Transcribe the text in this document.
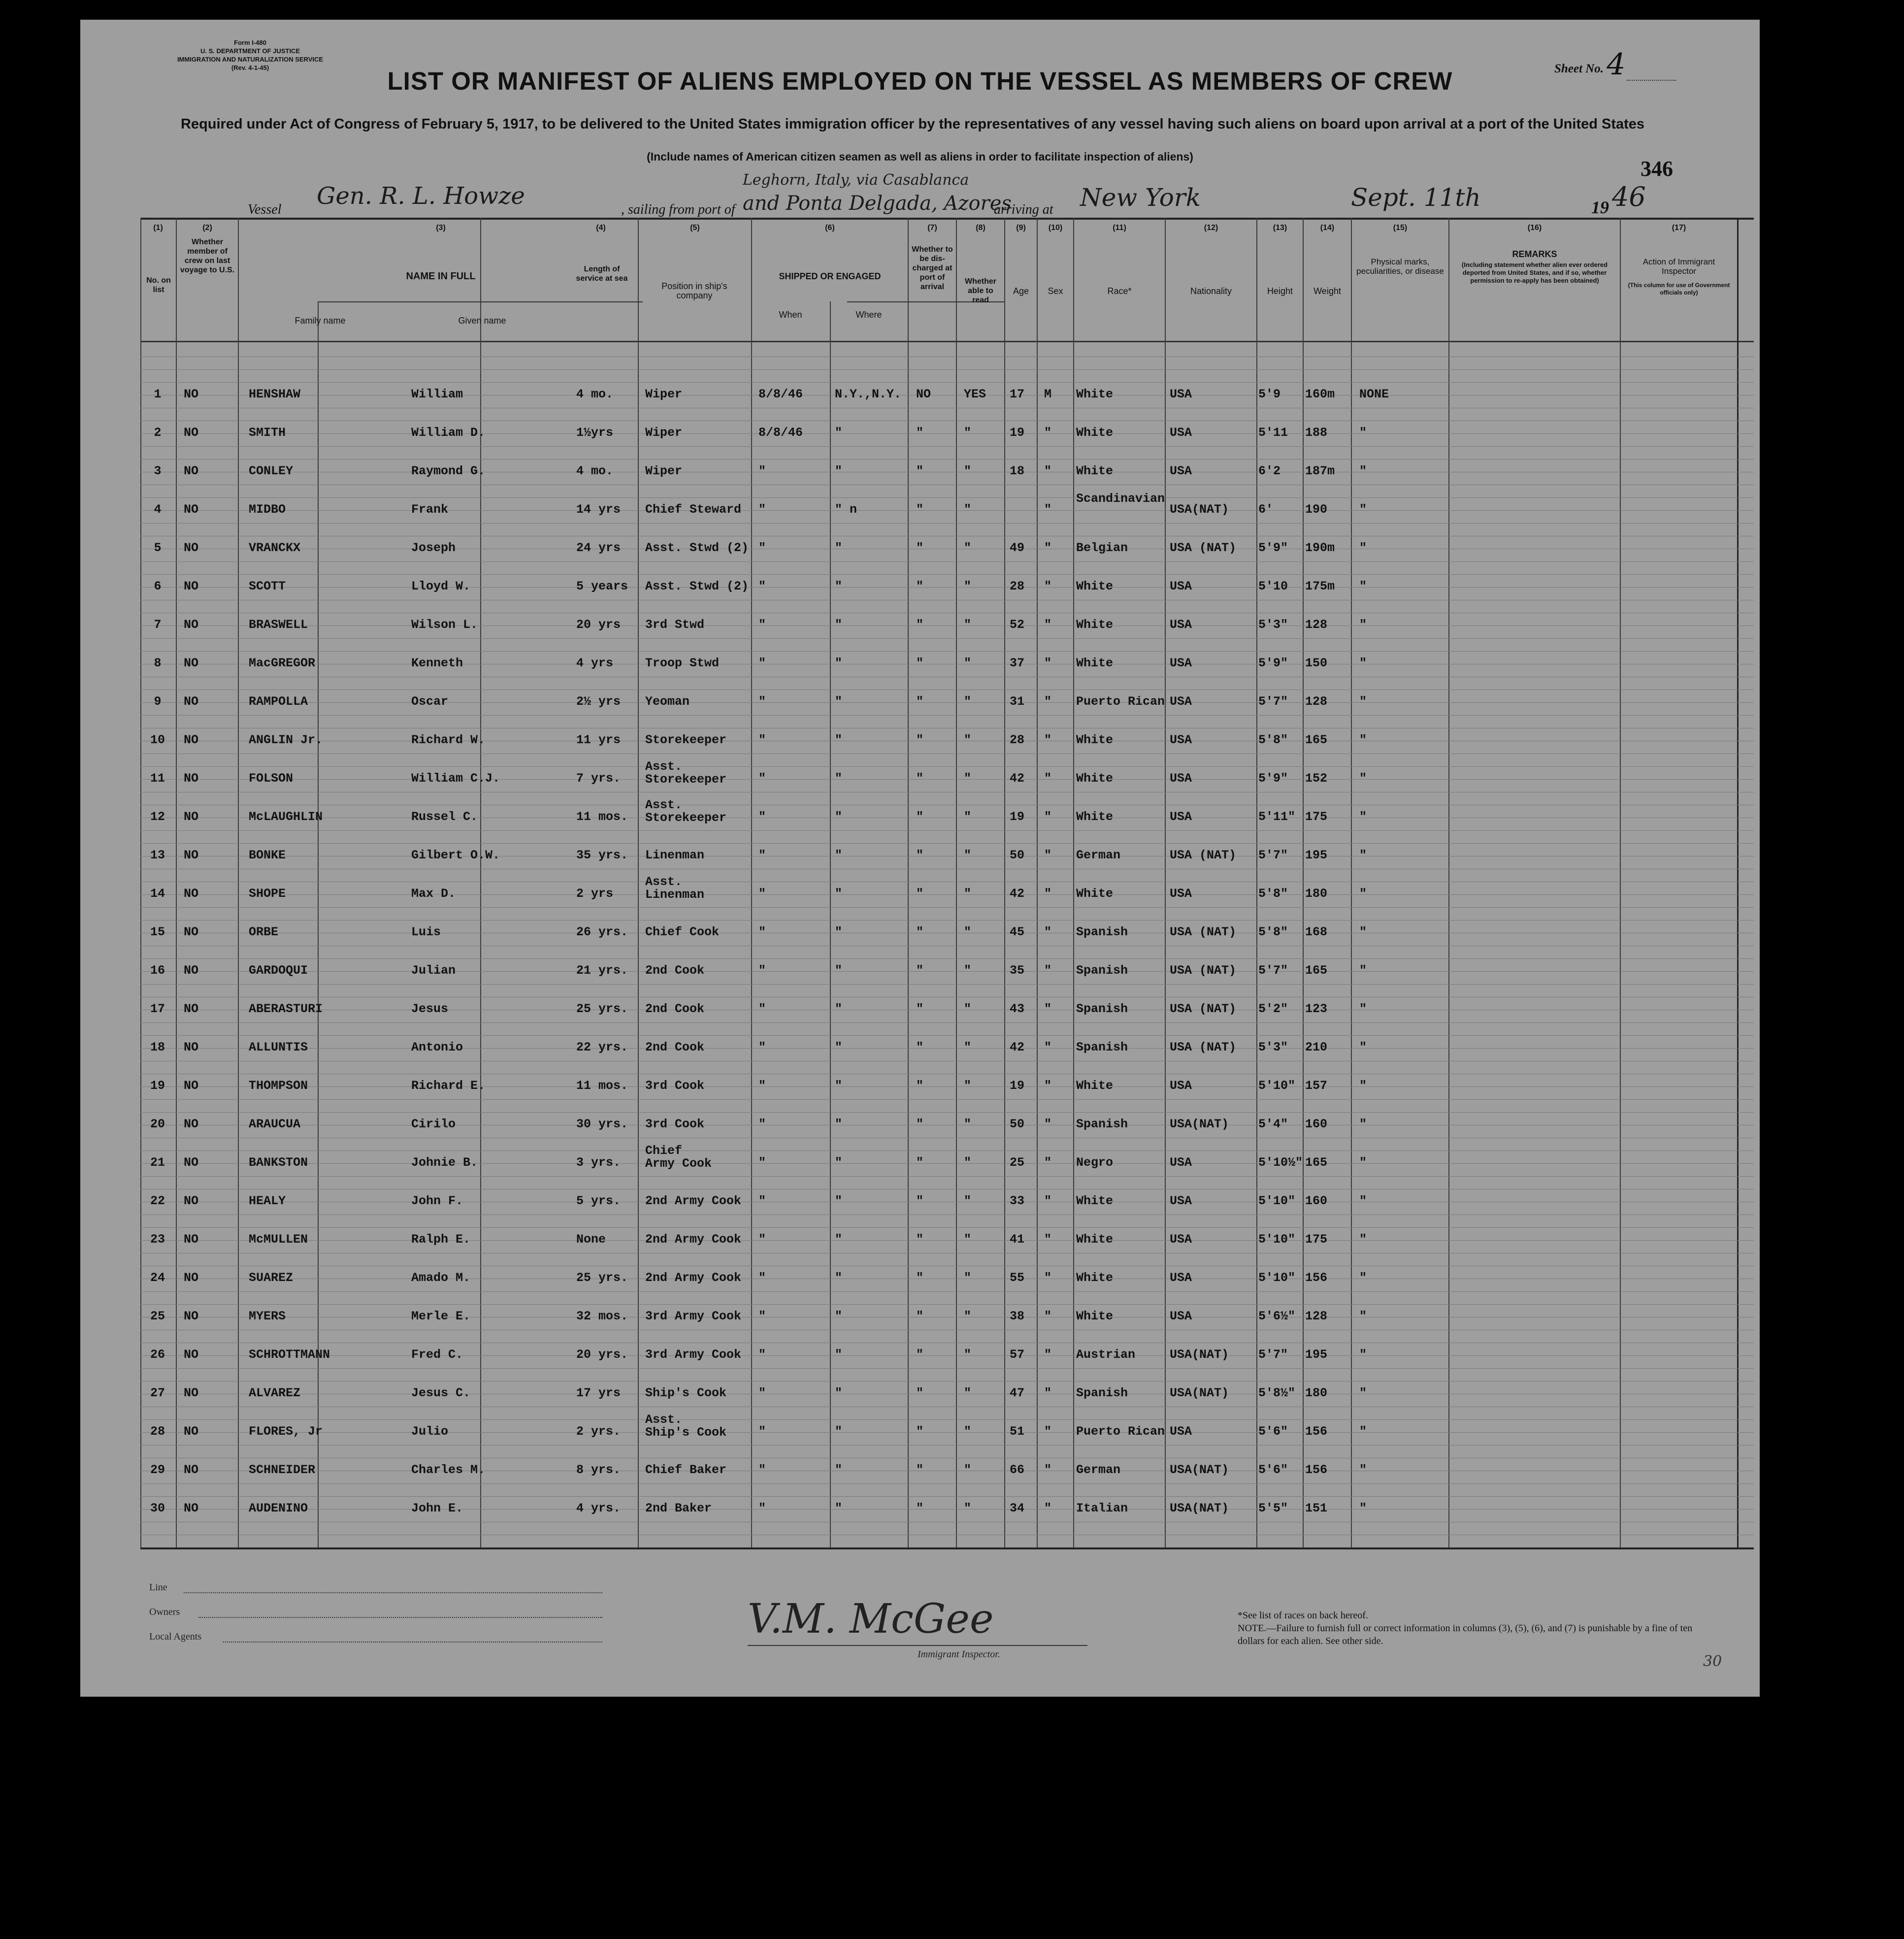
Form I-480
U. S. DEPARTMENT OF JUSTICE
IMMIGRATION AND NATURALIZATION SERVICE
(Rev. 4-1-45)	Sheet No. 4
LIST OR MANIFEST OF ALIENS EMPLOYED ON THE VESSEL AS MEMBERS OF CREW
Required under Act of Congress of February 5, 1917, to be delivered to the United States immigration officer by the representatives of any vessel having such aliens on board upon arrival at a port of the United States
(Include names of American citizen seamen as well as aliens in order to facilitate inspection of aliens)	346
Vessel Gen. R. L. Howze	, sailing from port of
Leghorn, Italy, via Casablanca
and Ponta Delgada, Azores
arriving at New York	Sept. 11th	19 46
(1)
No. on list
(2)
Whether member of crew on last voyage to U.S.
(3)
NAME IN FULL
Family name	Given name
(4)
Length of service at sea
(5)
Position in ship's company
(6)
SHIPPED OR ENGAGED
When	Where
(7)
Whether to be dis-charged at port of arrival
(8)
Whether able to read
(9)
Age
(10)
Sex
(11)
Race*
(12)
Nationality
(13)
Height
(14)
Weight
(15)
Physical marks, peculiarities, or disease
(16)
REMARKS
(Including statement whether alien ever ordered deported from United States, and if so, whether permission to re-apply has been obtained)
(17)
Action of Immigrant Inspector
(This column for use of Government officials only)
1	NO	HENSHAW	William	4 mo.	Wiper	8/8/46	N.Y.,N.Y. NO	YES 17 M White	USA	5'9 160m NONE
2	NO	SMITH	William D.	1½yrs	Wiper	8/8/46	"	"	"	19 " White	USA	5'11 188	"
3	NO	CONLEY	Raymond G.	4 mo.	Wiper	"	"	"	"	18 " White	USA	6'2 187m "
4	NO	MIDBO	Frank	14 yrs Chief Steward "	" n	"	"	"
Scandinavian
USA(NAT) 6'	190	"
5	NO	VRANCKX	Joseph	24 yrs Asst. Stwd (2) "	"	"	"	49 " Belgian	USA (NAT) 5'9" 190m "
6	NO	SCOTT	Lloyd W.	5 years Asst. Stwd (2) "	"	"	"	28 " White	USA	5'10 175m "
7	NO	BRASWELL	Wilson L.	20 yrs 3rd Stwd	"	"	"	"	52 " White	USA	5'3" 128	"
8	NO	MacGREGOR	Kenneth	4 yrs	Troop Stwd	"	"	"	"	37 " White	USA	5'9" 150	"
9	NO	RAMPOLLA	Oscar	2½ yrs Yeoman	"	"	"	"	31 " Puerto Rican USA	5'7" 128	"
10	NO	ANGLIN Jr.	Richard W.	11 yrs Storekeeper	"	"	"	"	28 " White	USA	5'8" 165	"
11	NO	FOLSON	William C.J.	7 yrs.
Asst.
Storekeeper	"	"	"	"	42 " White	USA	5'9" 152	"
12	NO	McLAUGHLIN	Russel C.	11 mos.
Asst.
Storekeeper	"	"	"	"	19 " White	USA	5'11" 175	"
13	NO	BONKE	Gilbert O.W.	35 yrs. Linenman	"	"	"	"	50 " German	USA (NAT) 5'7" 195	"
14	NO	SHOPE	Max D.	2 yrs
Asst.
Linenman	"	"	"	"	42 " White	USA	5'8" 180	"
15	NO	ORBE	Luis	26 yrs. Chief Cook	"	"	"	"	45 " Spanish	USA (NAT) 5'8" 168	"
16	NO	GARDOQUI	Julian	21 yrs. 2nd Cook	"	"	"	"	35 " Spanish	USA (NAT) 5'7" 165	"
17	NO	ABERASTURI	Jesus	25 yrs. 2nd Cook	"	"	"	"	43 " Spanish	USA (NAT) 5'2" 123	"
18	NO	ALLUNTIS	Antonio	22 yrs. 2nd Cook	"	"	"	"	42 " Spanish	USA (NAT) 5'3" 210	"
19	NO	THOMPSON	Richard E.	11 mos. 3rd Cook	"	"	"	"	19 " White	USA	5'10" 157	"
20	NO	ARAUCUA	Cirilo	30 yrs. 3rd Cook	"	"	"	"	50 " Spanish	USA(NAT) 5'4" 160	"
21	NO	BANKSTON	Johnie B.	3 yrs.
Chief
Army Cook	"	"	"	"	25 " Negro	USA	5'10½" 165	"
22	NO	HEALY	John F.	5 yrs. 2nd Army Cook "	"	"	"	33 " White	USA	5'10" 160	"
23	NO	McMULLEN	Ralph E.	None	2nd Army Cook "	"	"	"	41 " White	USA	5'10" 175	"
24	NO	SUAREZ	Amado M.	25 yrs. 2nd Army Cook "	"	"	"	55 " White	USA	5'10" 156	"
25	NO	MYERS	Merle E.	32 mos. 3rd Army Cook "	"	"	"	38 " White	USA	5'6½" 128	"
26	NO	SCHROTTMANN	Fred C.	20 yrs. 3rd Army Cook "	"	"	"	57 " Austrian	USA(NAT) 5'7" 195	"
27	NO	ALVAREZ	Jesus C.	17 yrs Ship's Cook	"	"	"	"	47 " Spanish	USA(NAT) 5'8½" 180	"
28	NO	FLORES, Jr	Julio	2 yrs.
Asst.
Ship's Cook	"	"	"	"	51 " Puerto Rican USA	5'6" 156	"
29	NO	SCHNEIDER	Charles M.	8 yrs. Chief Baker	"	"	"	"	66 " German	USA(NAT) 5'6" 156	"
30	NO	AUDENINO	John E.	4 yrs. 2nd Baker	"	"	"	"	34 " Italian	USA(NAT) 5'5" 151	"
Line
Owners
Local Agents	V.M. McGee
Immigrant Inspector.
*See list of races on back hereof.
NOTE.—Failure to furnish full or correct information in columns (3), (5), (6), and (7) is punishable by a fine of ten dollars for each alien. See other side.
30
